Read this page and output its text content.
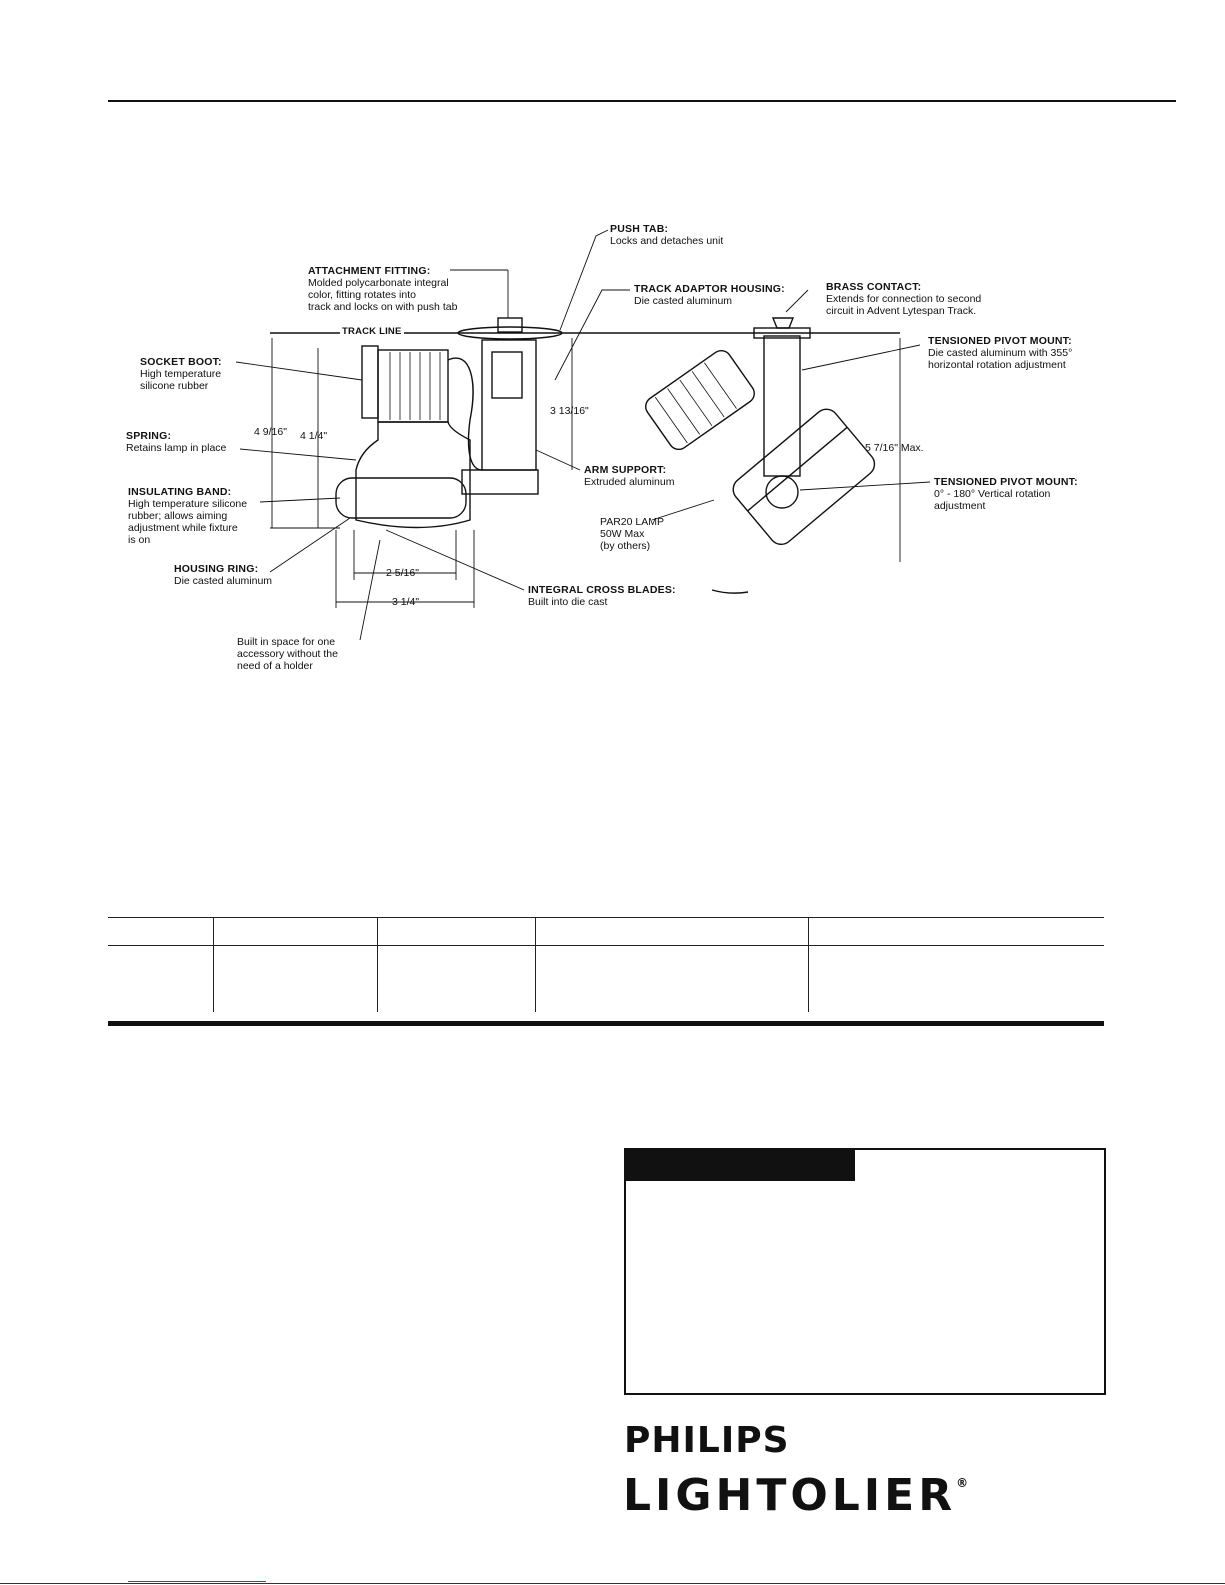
PUSH TAB:
Locks and detaches unit
ATTACHMENT FITTING:
Molded polycarbonate integral
color, fitting rotates into
track and locks on with push tab
TRACK ADAPTOR HOUSING:
Die casted aluminum
BRASS CONTACT:
Extends for connection to second
circuit in Advent Lytespan Track.
TRACK LINE
SOCKET BOOT:
High temperature
silicone rubber
TENSIONED PIVOT MOUNT:
Die casted aluminum with 355°
horizontal rotation adjustment
4 9/16" 4 1/4"
3 13/16"
5 7/16" Max.
SPRING:
Retains lamp in place
ARM SUPPORT:
Extruded aluminum	TENSIONED PIVOT MOUNT:
0° - 180° Vertical rotation
adjustment
INSULATING BAND:
High temperature silicone
rubber; allows aiming
adjustment while fixture
is on
PAR20 LAMP
50W Max
(by others)
HOUSING RING:
Die casted aluminum
2 5/16"
INTEGRAL CROSS BLADES:
Built into die cast
3 1/4"
Built in space for one
accessory without the
need of a holder
PHILIPS
LIGHTOLIER®
